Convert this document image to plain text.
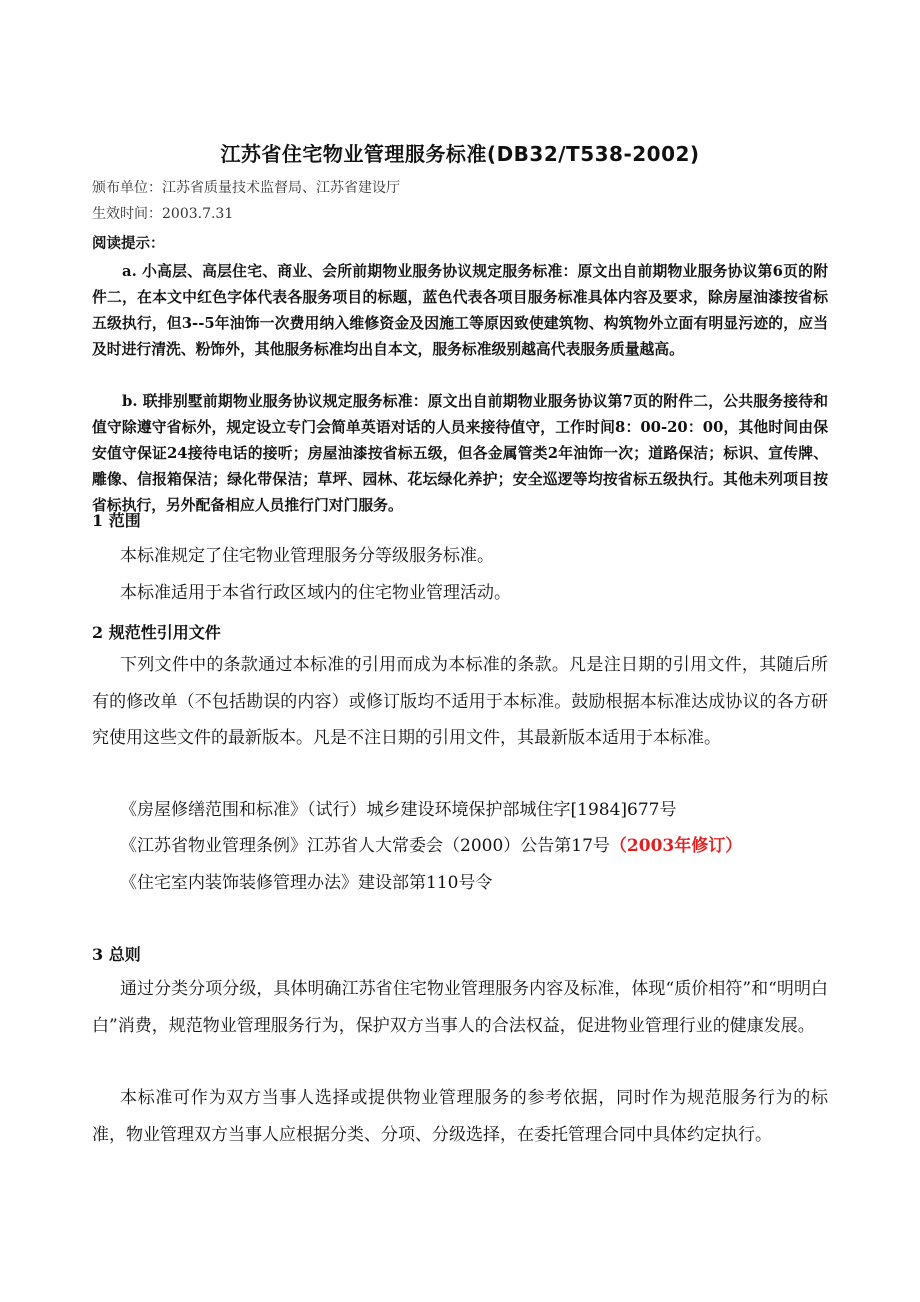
江苏省住宅物业管理服务标准(DB32/T538-2002)
颁布单位：江苏省质量技术监督局、江苏省建设厅
生效时间：2003.7.31
阅读提示：

a. 小高层、高层住宅、商业、会所前期物业服务协议规定服务标准：原文出自前期物业服务协议第6页的附件二，在本文中红色字体代表各服务项目的标题，蓝色代表各项目服务标准具体内容及要求，除房屋油漆按省标五级执行，但3--5年油饰一次费用纳入维修资金及因施工等原因致使建筑物、构筑物外立面有明显污迹的，应当及时进行清洗、粉饰外，其他服务标准均出自本文，服务标准级别越高代表服务质量越高。

b. 联排别墅前期物业服务协议规定服务标准：原文出自前期物业服务协议第7页的附件二，公共服务接待和值守除遵守省标外，规定设立专门会简单英语对话的人员来接待值守，工作时间8：00-20：00，其他时间由保安值守保证24接待电话的接听；房屋油漆按省标五级，但各金属管类2年油饰一次；道路保洁；标识、宣传牌、雕像、信报箱保洁；绿化带保洁；草坪、园林、花坛绿化养护；安全巡逻等均按省标五级执行。其他未列项目按省标执行，另外配备相应人员推行门对门服务。

1 范围

本标准规定了住宅物业管理服务分等级服务标准。

本标准适用于本省行政区域内的住宅物业管理活动。

2 规范性引用文件

下列文件中的条款通过本标准的引用而成为本标准的条款。凡是注日期的引用文件，其随后所有的修改单（不包括勘误的内容）或修订版均不适用于本标准。鼓励根据本标准达成协议的各方研究使用这些文件的最新版本。凡是不注日期的引用文件，其最新版本适用于本标准。

《房屋修缮范围和标准》（试行）城乡建设环境保护部城住字[1984]677号

《江苏省物业管理条例》江苏省人大常委会（2000）公告第17号（2003年修订）

《住宅室内装饰装修管理办法》建设部第110号令

3 总则

通过分类分项分级，具体明确江苏省住宅物业管理服务内容及标准，体现“质价相符”和“明明白白”消费，规范物业管理服务行为，保护双方当事人的合法权益，促进物业管理行业的健康发展。

本标准可作为双方当事人选择或提供物业管理服务的参考依据，同时作为规范服务行为的标准，物业管理双方当事人应根据分类、分项、分级选择，在委托管理合同中具体约定执行。
